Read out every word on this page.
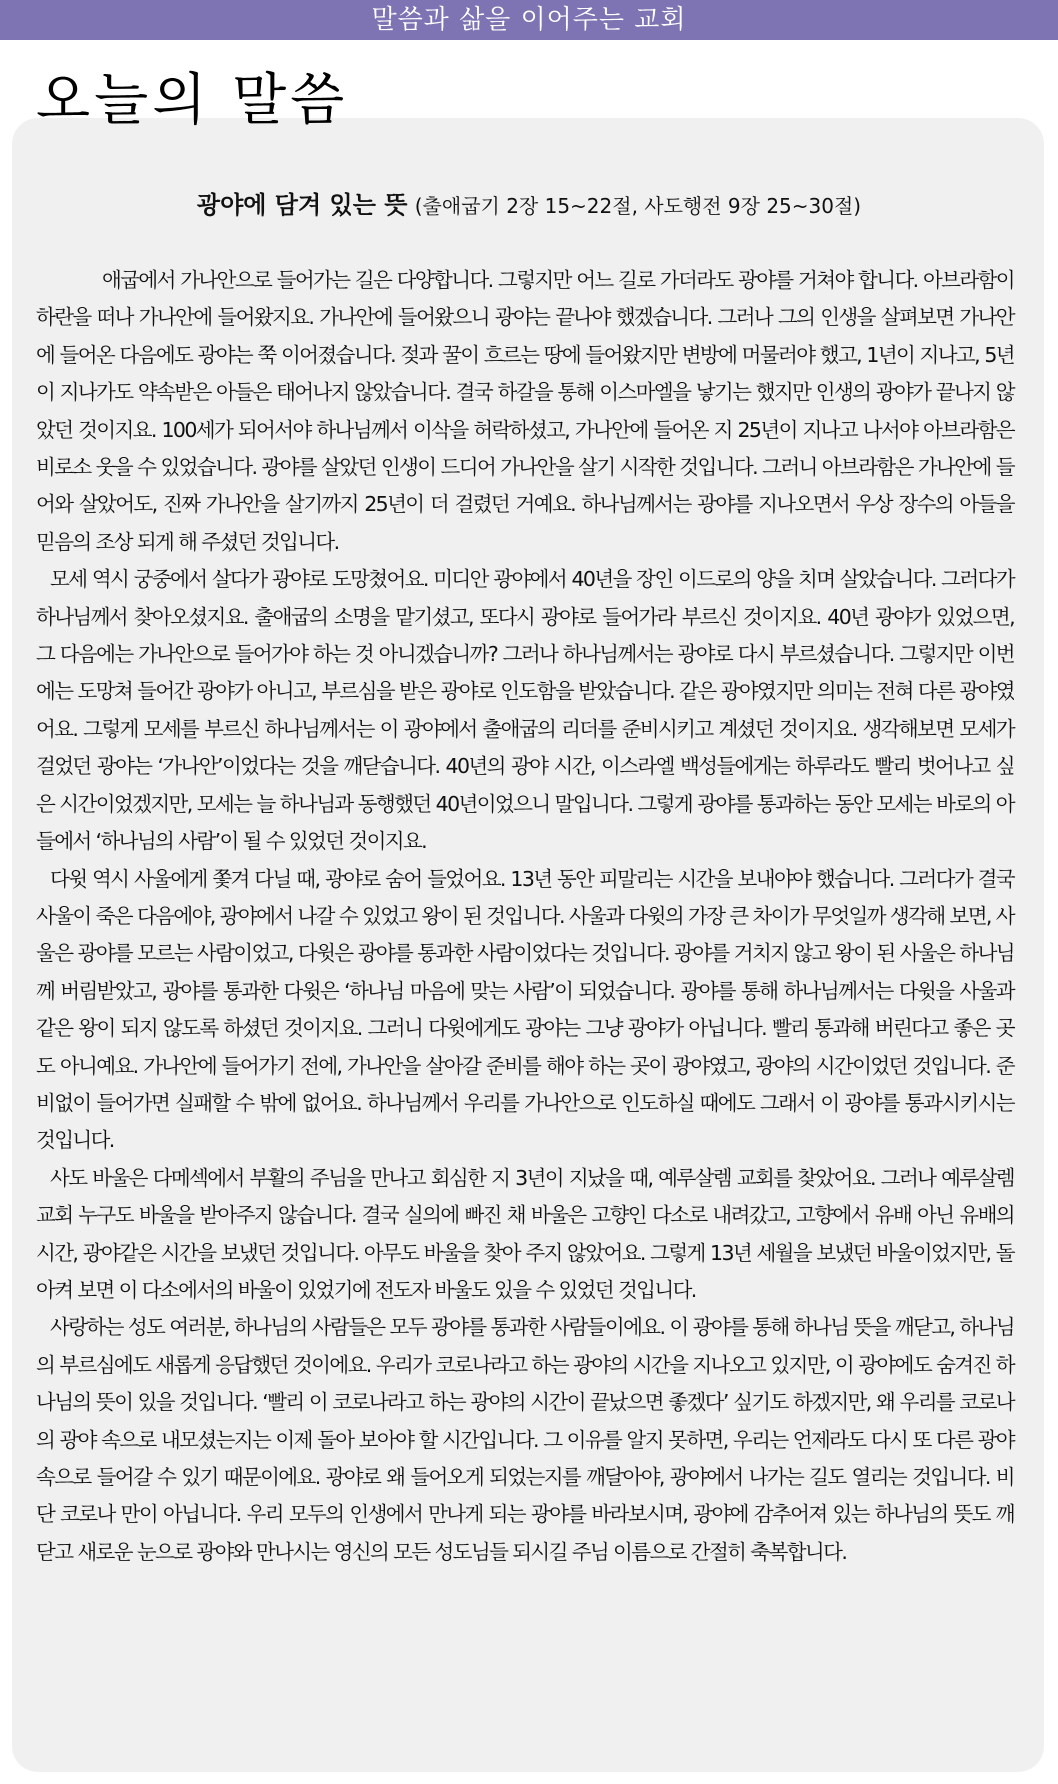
말씀과 삶을 이어주는 교회
오늘의 말씀
광야에 담겨 있는 뜻 (출애굽기 2장 15~22절, 사도행전 9장 25~30절)

애굽에서 가나안으로 들어가는 길은 다양합니다. 그렇지만 어느 길로 가더라도 광야를 거쳐야 합니다. 아브라함이 하란을 떠나 가나안에 들어왔지요. 가나안에 들어왔으니 광야는 끝나야 했겠습니다. 그러나 그의 인생을 살펴보면 가나안에 들어온 다음에도 광야는 쭉 이어졌습니다. 젖과 꿀이 흐르는 땅에 들어왔지만 변방에 머물러야 했고, 1년이 지나고, 5년이 지나가도 약속받은 아들은 태어나지 않았습니다. 결국 하갈을 통해 이스마엘을 낳기는 했지만 인생의 광야가 끝나지 않았던 것이지요. 100세가 되어서야 하나님께서 이삭을 허락하셨고, 가나안에 들어온 지 25년이 지나고 나서야 아브라함은 비로소 웃을 수 있었습니다. 광야를 살았던 인생이 드디어 가나안을 살기 시작한 것입니다. 그러니 아브라함은 가나안에 들어와 살았어도, 진짜 가나안을 살기까지 25년이 더 걸렸던 거예요. 하나님께서는 광야를 지나오면서 우상 장수의 아들을 믿음의 조상 되게 해 주셨던 것입니다.

모세 역시 궁중에서 살다가 광야로 도망쳤어요. 미디안 광야에서 40년을 장인 이드로의 양을 치며 살았습니다. 그러다가 하나님께서 찾아오셨지요. 출애굽의 소명을 맡기셨고, 또다시 광야로 들어가라 부르신 것이지요. 40년 광야가 있었으면, 그 다음에는 가나안으로 들어가야 하는 것 아니겠습니까? 그러나 하나님께서는 광야로 다시 부르셨습니다. 그렇지만 이번에는 도망쳐 들어간 광야가 아니고, 부르심을 받은 광야로 인도함을 받았습니다. 같은 광야였지만 의미는 전혀 다른 광야였어요. 그렇게 모세를 부르신 하나님께서는 이 광야에서 출애굽의 리더를 준비시키고 계셨던 것이지요. 생각해보면 모세가 걸었던 광야는 ‘가나안’이었다는 것을 깨닫습니다. 40년의 광야 시간, 이스라엘 백성들에게는 하루라도 빨리 벗어나고 싶은 시간이었겠지만, 모세는 늘 하나님과 동행했던 40년이었으니 말입니다. 그렇게 광야를 통과하는 동안 모세는 바로의 아들에서 ‘하나님의 사람’이 될 수 있었던 것이지요.

다윗 역시 사울에게 쫓겨 다닐 때, 광야로 숨어 들었어요. 13년 동안 피말리는 시간을 보내야야 했습니다. 그러다가 결국 사울이 죽은 다음에야, 광야에서 나갈 수 있었고 왕이 된 것입니다. 사울과 다윗의 가장 큰 차이가 무엇일까 생각해 보면, 사울은 광야를 모르는 사람이었고, 다윗은 광야를 통과한 사람이었다는 것입니다. 광야를 거치지 않고 왕이 된 사울은 하나님께 버림받았고, 광야를 통과한 다윗은 ‘하나님 마음에 맞는 사람’이 되었습니다. 광야를 통해 하나님께서는 다윗을 사울과 같은 왕이 되지 않도록 하셨던 것이지요. 그러니 다윗에게도 광야는 그냥 광야가 아닙니다. 빨리 통과해 버린다고 좋은 곳도 아니예요. 가나안에 들어가기 전에, 가나안을 살아갈 준비를 해야 하는 곳이 광야였고, 광야의 시간이었던 것입니다. 준비없이 들어가면 실패할 수 밖에 없어요. 하나님께서 우리를 가나안으로 인도하실 때에도 그래서 이 광야를 통과시키시는 것입니다.

사도 바울은 다메섹에서 부활의 주님을 만나고 회심한 지 3년이 지났을 때, 예루살렘 교회를 찾았어요. 그러나 예루살렘 교회 누구도 바울을 받아주지 않습니다. 결국 실의에 빠진 채 바울은 고향인 다소로 내려갔고, 고향에서 유배 아닌 유배의 시간, 광야같은 시간을 보냈던 것입니다. 아무도 바울을 찾아 주지 않았어요. 그렇게 13년 세월을 보냈던 바울이었지만, 돌아켜 보면 이 다소에서의 바울이 있었기에 전도자 바울도 있을 수 있었던 것입니다.

사랑하는 성도 여러분, 하나님의 사람들은 모두 광야를 통과한 사람들이에요. 이 광야를 통해 하나님 뜻을 깨닫고, 하나님의 부르심에도 새롭게 응답했던 것이에요. 우리가 코로나라고 하는 광야의 시간을 지나오고 있지만, 이 광야에도 숨겨진 하나님의 뜻이 있을 것입니다. ‘빨리 이 코로나라고 하는 광야의 시간이 끝났으면 좋겠다’ 싶기도 하겠지만, 왜 우리를 코로나의 광야 속으로 내모셨는지는 이제 돌아 보아야 할 시간입니다. 그 이유를 알지 못하면, 우리는 언제라도 다시 또 다른 광야 속으로 들어갈 수 있기 때문이에요. 광야로 왜 들어오게 되었는지를 깨달아야, 광야에서 나가는 길도 열리는 것입니다. 비단 코로나 만이 아닙니다. 우리 모두의 인생에서 만나게 되는 광야를 바라보시며, 광야에 감추어져 있는 하나님의 뜻도 깨닫고 새로운 눈으로 광야와 만나시는 영신의 모든 성도님들 되시길 주님 이름으로 간절히 축복합니다.
